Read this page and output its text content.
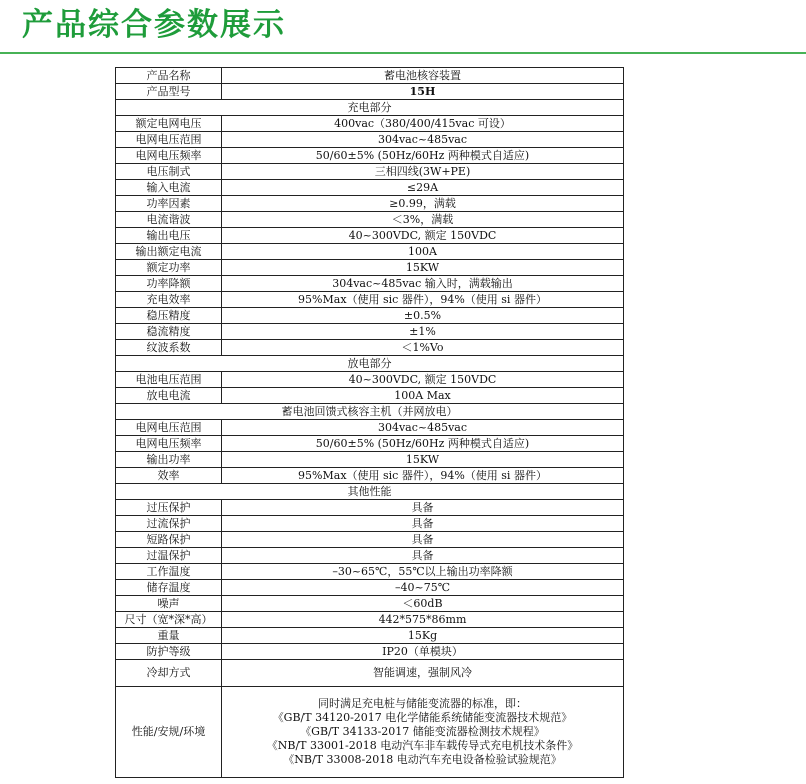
产品综合参数展示
产品名称	蓄电池核容装置
产品型号	15H
充电部分	
额定电网电压	400vac（380/400/415vac 可设）
电网电压范围	304vac~485vac
电网电压频率	50/60±5% (50Hz/60Hz 两种模式自适应)
电压制式	三相四线(3W+PE)
输入电流	≤29A
功率因素	≥0.99，满载
电流谐波	＜3%，满载
输出电压	40~300VDC, 额定 150VDC
输出额定电流	100A
额定功率	15KW
功率降额	304vac~485vac 输入时，满载输出
充电效率	95%Max（使用 sic 器件），94%（使用 si 器件）
稳压精度	±0.5%
稳流精度	±1%
纹波系数	＜1%Vo
放电部分	
电池电压范围	40~300VDC, 额定 150VDC
放电电流	100A Max
蓄电池回馈式核容主机（并网放电）	
电网电压范围	304vac~485vac
电网电压频率	50/60±5% (50Hz/60Hz 两种模式自适应)
输出功率	15KW
效率	95%Max（使用 sic 器件），94%（使用 si 器件）
其他性能	
过压保护	具备
过流保护	具备
短路保护	具备
过温保护	具备
工作温度	–30~65℃，55℃以上输出功率降额
储存温度	–40~75℃
噪声	＜60dB
尺寸（宽*深*高）	442*575*86mm
重量	15Kg
防护等级	IP20（单模块）
冷却方式	智能调速，强制风冷
性能/安规/环境	同时满足充电桩与储能变流器的标准，即：
《GB/T 34120-2017 电化学储能系统储能变流器技术规范》
《GB/T 34133-2017 储能变流器检测技术规程》
《NB/T 33001-2018 电动汽车非车载传导式充电机技术条件》
《NB/T 33008-2018 电动汽车充电设备检验试验规范》
